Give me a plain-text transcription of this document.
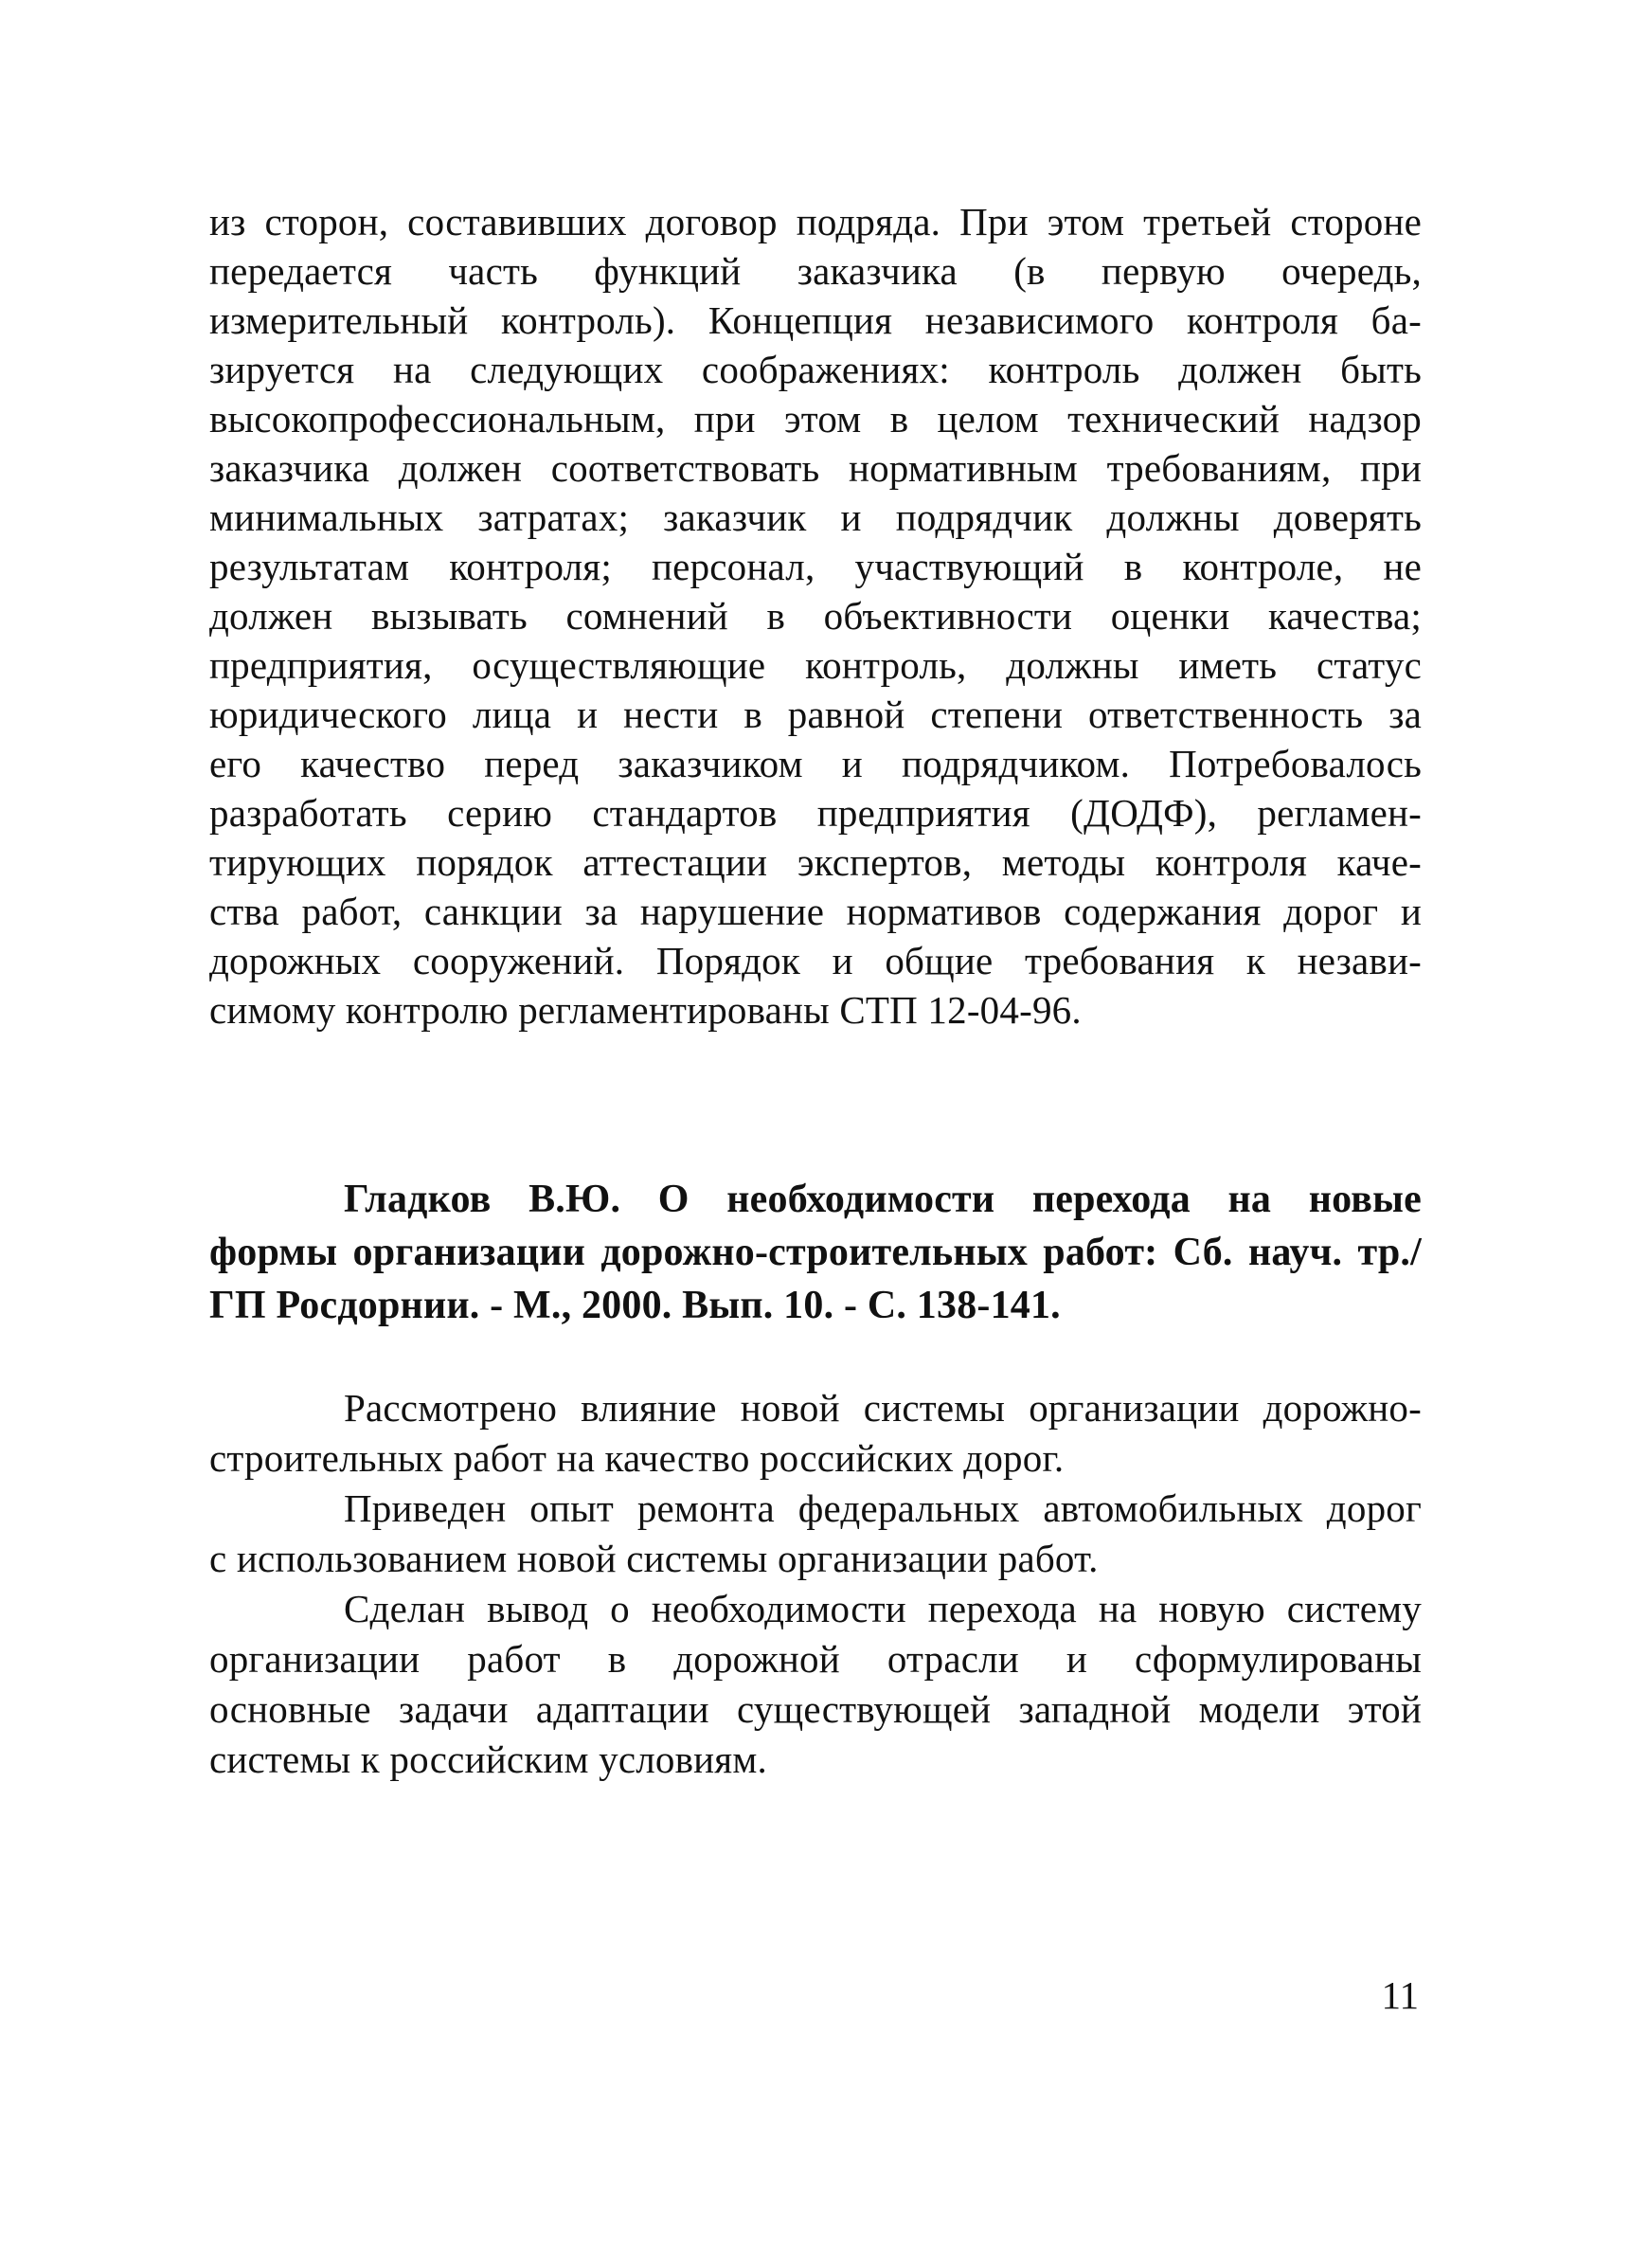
из сторон, составивших договор подряда. При этом третьей стороне
передается часть функций заказчика (в первую очередь,
измерительный контроль). Концепция независимого контроля ба-
зируется на следующих соображениях: контроль должен быть
высокопрофессиональным, при этом в целом технический надзор
заказчика должен соответствовать нормативным требованиям, при
минимальных затратах; заказчик и подрядчик должны доверять
результатам контроля; персонал, участвующий в контроле, не
должен вызывать сомнений в объективности оценки качества;
предприятия, осуществляющие контроль, должны иметь статус
юридического лица и нести в равной степени ответственность за
его качество перед заказчиком и подрядчиком. Потребовалось
разработать серию стандартов предприятия (ДОДФ), регламен-
тирующих порядок аттестации экспертов, методы контроля каче-
ства работ, санкции за нарушение нормативов содержания дорог и
дорожных сооружений. Порядок и общие требования к незави-
симому контролю регламентированы СТП 12-04-96.
Гладков В.Ю. О необходимости перехода на новые
формы организации дорожно-строительных работ: Сб. науч. тр./
ГП Росдорнии. - М., 2000. Вып. 10. - С. 138-141.
Рассмотрено влияние новой системы организации дорожно-
строительных работ на качество российских дорог.
Приведен опыт ремонта федеральных автомобильных дорог
с использованием новой системы организации работ.
Сделан вывод о необходимости перехода на новую систему
организации работ в дорожной отрасли и сформулированы
основные задачи адаптации существующей западной модели этой
системы к российским условиям.
11
